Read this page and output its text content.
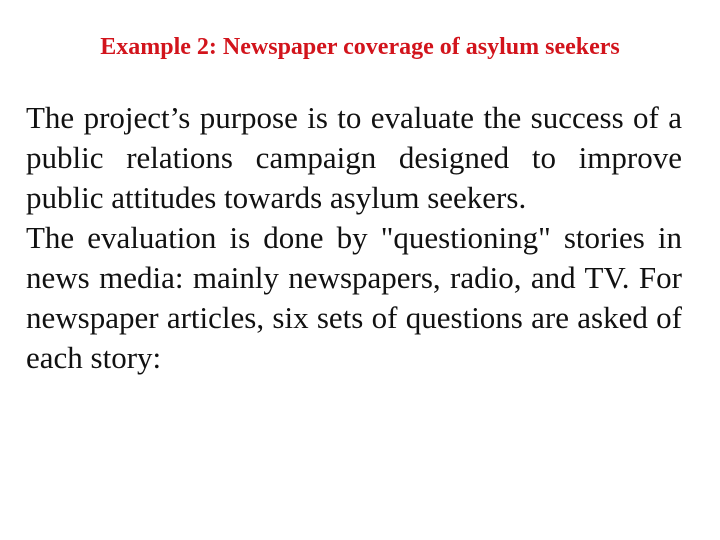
Example 2: Newspaper coverage of asylum seekers

The project’s purpose is to evaluate the success of a public relations campaign designed to improve public attitudes towards asylum seekers.

The evaluation is done by "questioning" stories in news media: mainly newspapers, radio, and TV. For newspaper articles, six sets of questions are asked of each story:
